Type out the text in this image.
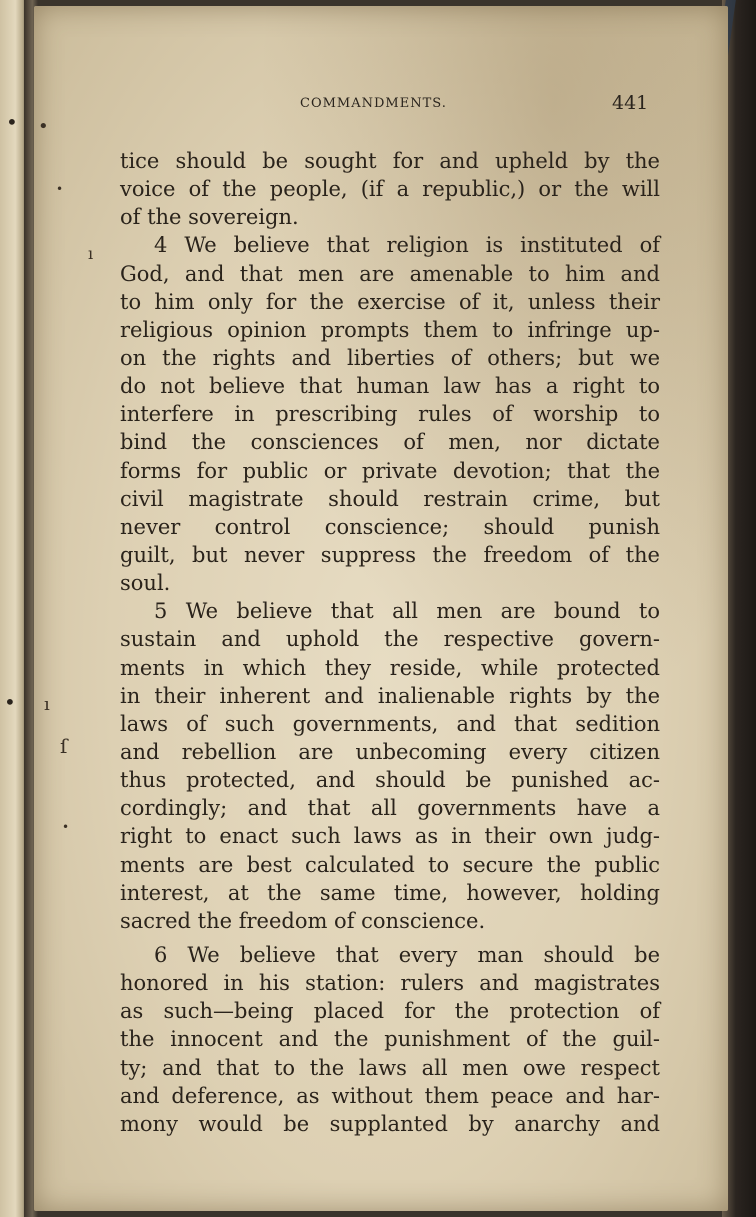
•
•
COMMANDMENTS.	441
•
•
ı
ı
ſ
•
tice should be sought for and upheld by the
voice of the people, (if a republic,) or the will
of the sovereign.
4 We believe that religion is instituted of
God, and that men are amenable to him and
to him only for the exercise of it, unless their
religious opinion prompts them to infringe up-
on the rights and liberties of others; but we
do not believe that human law has a right to
interfere in prescribing rules of worship to
bind the consciences of men, nor dictate
forms for public or private devotion; that the
civil magistrate should restrain crime, but
never control conscience; should punish
guilt, but never suppress the freedom of the
soul.
5 We believe that all men are bound to
sustain and uphold the respective govern-
ments in which they reside, while protected
in their inherent and inalienable rights by the
laws of such governments, and that sedition
and rebellion are unbecoming every citizen
thus protected, and should be punished ac-
cordingly; and that all governments have a
right to enact such laws as in their own judg-
ments are best calculated to secure the public
interest, at the same time, however, holding
sacred the freedom of conscience.
6 We believe that every man should be
honored in his station: rulers and magistrates
as such—being placed for the protection of
the innocent and the punishment of the guil-
ty; and that to the laws all men owe respect
and deference, as without them peace and har-
mony would be supplanted by anarchy and
